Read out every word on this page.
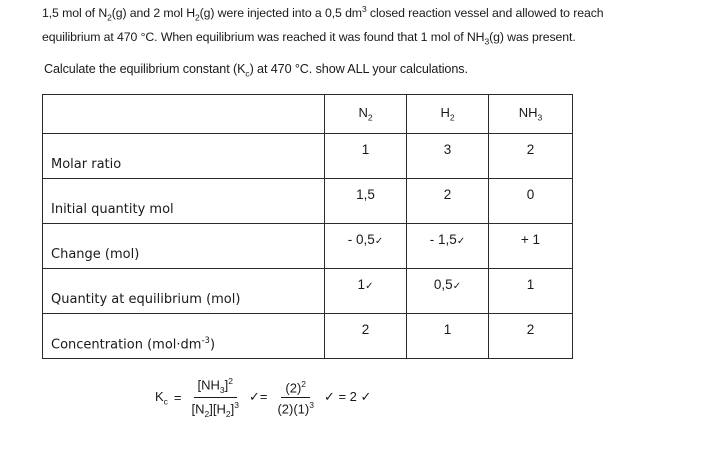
1,5 mol of $N_2(g)$ and 2 mol $H_2(g)$ were injected into a 0,5 $dm^3$ closed reaction vessel and allowed to reach
equilibrium at 470 °C. When equilibrium was reached it was found that 1 mol of $NH_3(g)$ was present.
Calculate the equilibrium constant $(K_c)$ at 470 °C. show ALL your calculations.
	$N_2$	$H_2$	$NH_3$
Molar ratio	1	3	2
Initial quantity mol	1,5	2	0
Change (mol)	- 0,5✓	- 1,5✓	+ 1
Quantity at equilibrium (mol)	1✓	0,5✓	1
Concentration $(mol\cdot dm^{-3})$	2	1	2
$K_c = \frac{[NH_3]^2}{[N_2][H_2]^3}$ ✓= $\frac{(2)^2}{(2)(1)^3}$ ✓ = 2 ✓
